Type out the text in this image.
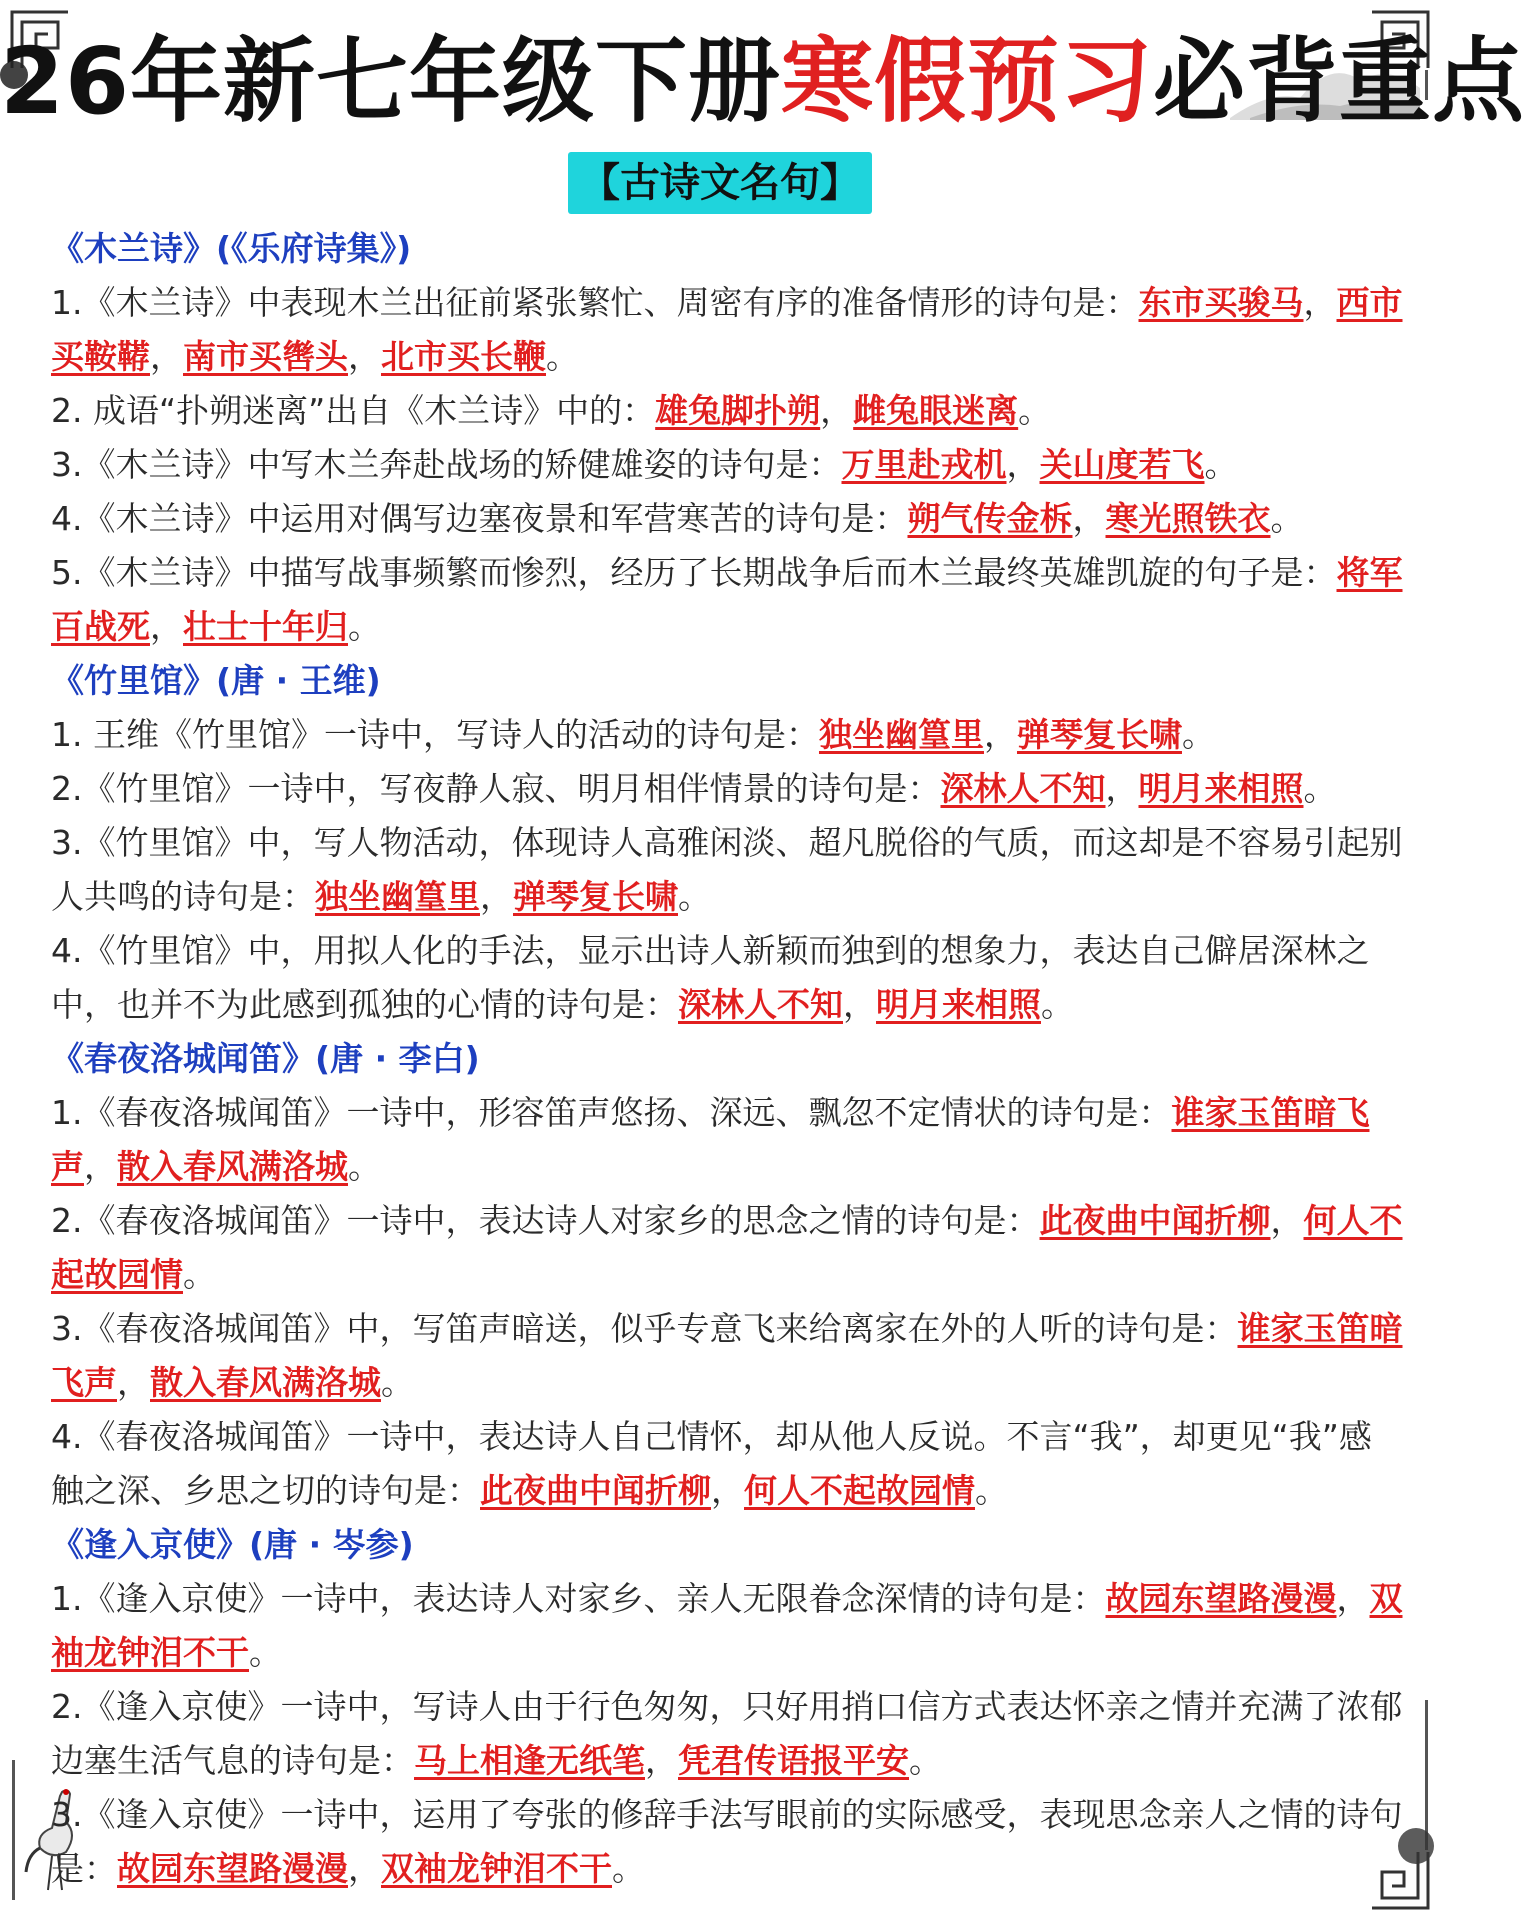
26年新七年级下册寒假预习必背重点
【古诗文名句】
《木兰诗》(《乐府诗集》)

1.《木兰诗》中表现木兰出征前紧张繁忙、周密有序的准备情形的诗句是：东市买骏马，西市买鞍鞯，南市买辔头，北市买长鞭。

2. 成语“扑朔迷离”出自《木兰诗》中的：雄兔脚扑朔，雌兔眼迷离。

3.《木兰诗》中写木兰奔赴战场的矫健雄姿的诗句是：万里赴戎机，关山度若飞。

4.《木兰诗》中运用对偶写边塞夜景和军营寒苦的诗句是：朔气传金柝，寒光照铁衣。

5.《木兰诗》中描写战事频繁而惨烈，经历了长期战争后而木兰最终英雄凯旋的句子是：将军百战死，壮士十年归。

《竹里馆》(唐 · 王维)

1. 王维《竹里馆》一诗中，写诗人的活动的诗句是：独坐幽篁里，弹琴复长啸。

2.《竹里馆》一诗中，写夜静人寂、明月相伴情景的诗句是：深林人不知，明月来相照。

3.《竹里馆》中，写人物活动，体现诗人高雅闲淡、超凡脱俗的气质，而这却是不容易引起别人共鸣的诗句是：独坐幽篁里，弹琴复长啸。

4.《竹里馆》中，用拟人化的手法，显示出诗人新颖而独到的想象力，表达自己僻居深林之中，也并不为此感到孤独的心情的诗句是：深林人不知，明月来相照。

《春夜洛城闻笛》(唐 · 李白)

1.《春夜洛城闻笛》一诗中，形容笛声悠扬、深远、飘忽不定情状的诗句是：谁家玉笛暗飞声，散入春风满洛城。

2.《春夜洛城闻笛》一诗中，表达诗人对家乡的思念之情的诗句是：此夜曲中闻折柳，何人不起故园情。

3.《春夜洛城闻笛》中，写笛声暗送，似乎专意飞来给离家在外的人听的诗句是：谁家玉笛暗飞声，散入春风满洛城。

4.《春夜洛城闻笛》一诗中，表达诗人自己情怀，却从他人反说。不言“我”，却更见“我”感触之深、乡思之切的诗句是：此夜曲中闻折柳，何人不起故园情。

《逢入京使》(唐 · 岑参)

1.《逢入京使》一诗中，表达诗人对家乡、亲人无限眷念深情的诗句是：故园东望路漫漫，双袖龙钟泪不干。

2.《逢入京使》一诗中，写诗人由于行色匆匆，只好用捎口信方式表达怀亲之情并充满了浓郁边塞生活气息的诗句是：马上相逢无纸笔，凭君传语报平安。

3.《逢入京使》一诗中，运用了夸张的修辞手法写眼前的实际感受，表现思念亲人之情的诗句是：故园东望路漫漫，双袖龙钟泪不干。
